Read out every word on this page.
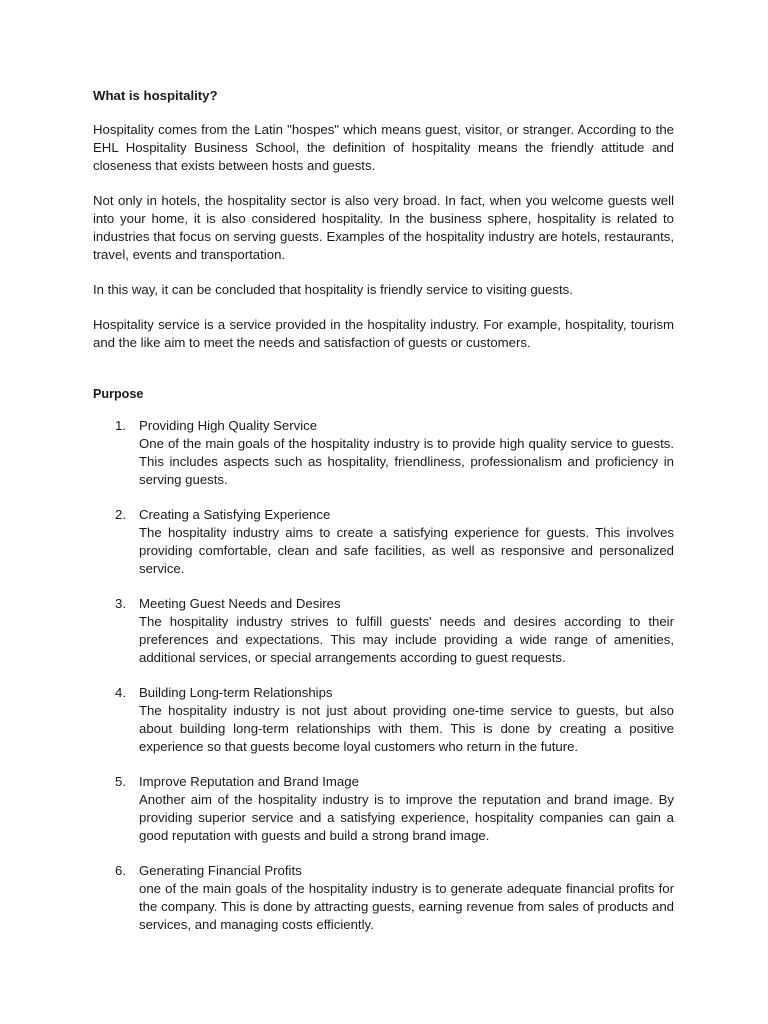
What is hospitality?

Hospitality comes from the Latin "hospes" which means guest, visitor, or stranger. According to the EHL Hospitality Business School, the definition of hospitality means the friendly attitude and closeness that exists between hosts and guests.

Not only in hotels, the hospitality sector is also very broad. In fact, when you welcome guests well into your home, it is also considered hospitality. In the business sphere, hospitality is related to industries that focus on serving guests. Examples of the hospitality industry are hotels, restaurants, travel, events and transportation.

In this way, it can be concluded that hospitality is friendly service to visiting guests.

Hospitality service is a service provided in the hospitality industry. For example, hospitality, tourism and the like aim to meet the needs and satisfaction of guests or customers.

Purpose
1. Providing High Quality Service
One of the main goals of the hospitality industry is to provide high quality service to guests. This includes aspects such as hospitality, friendliness, professionalism and proficiency in serving guests.
2. Creating a Satisfying Experience
The hospitality industry aims to create a satisfying experience for guests. This involves providing comfortable, clean and safe facilities, as well as responsive and personalized service.
3. Meeting Guest Needs and Desires
The hospitality industry strives to fulfill guests' needs and desires according to their preferences and expectations. This may include providing a wide range of amenities, additional services, or special arrangements according to guest requests.
4. Building Long-term Relationships
The hospitality industry is not just about providing one-time service to guests, but also about building long-term relationships with them. This is done by creating a positive experience so that guests become loyal customers who return in the future.
5. Improve Reputation and Brand Image
Another aim of the hospitality industry is to improve the reputation and brand image. By providing superior service and a satisfying experience, hospitality companies can gain a good reputation with guests and build a strong brand image.
6. Generating Financial Profits
one of the main goals of the hospitality industry is to generate adequate financial profits for the company. This is done by attracting guests, earning revenue from sales of products and services, and managing costs efficiently.
